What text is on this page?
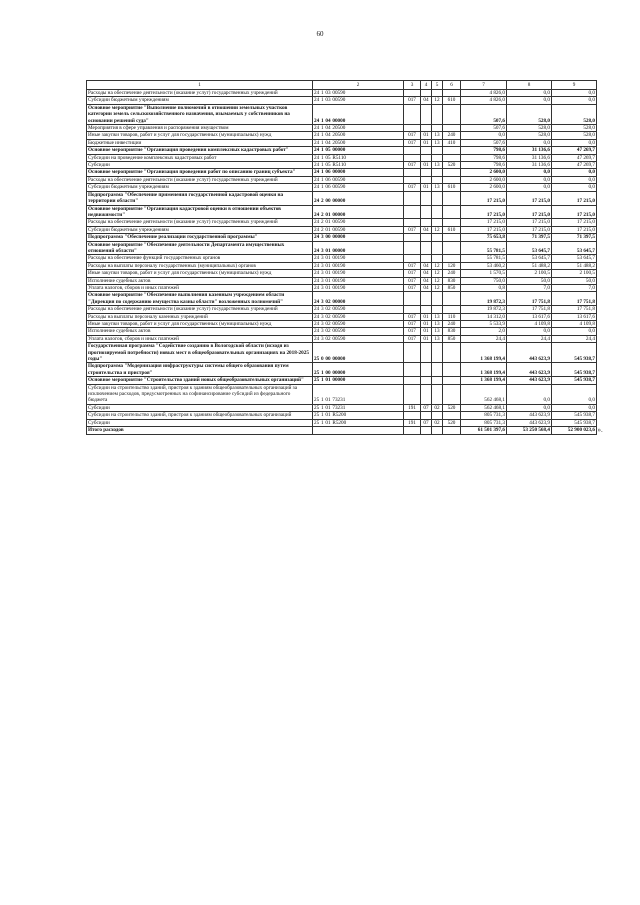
60
1	2	3	4	5	6	7	8	9
Расходы на обеспечение деятельности (оказание услуг) государственных учреждений	24 1 03 00590					4 826,0	0,0	0,0
Субсидии бюджетным учреждениям	24 1 03 00590	017	04	12	610	4 826,0	0,0	0,0
Основное мероприятие "Выполнение полномочий в отношении земельных участков категории земель сельскохозяйственного назначения, изымаемых у собственников на основании решений суда"	24 1 04 00000					507,6	528,0	528,0
Мероприятия в сфере управления и распоряжения имуществом	24 1 04 20500					507,6	528,0	528,0
Иные закупки товаров, работ и услуг для государственных (муниципальных) нужд	24 1 04 20500	017	01	13	240	0,0	528,0	528,0
Бюджетные инвестиции	24 1 04 20500	017	01	13	410	507,6	0,0	0,0
Основное мероприятие "Организация проведения комплексных кадастровых работ"	24 1 05 00000					798,6	31 136,6	47 269,7
Субсидии на проведение комплексных кадастровых работ	24 1 05 R5110					798,6	31 136,6	47 269,7
Субсидии	24 1 05 R5110	017	01	13	520	798,6	31 136,6	47 269,7
Основное мероприятие "Организация проведения работ по описанию границ субъекта"	24 1 06 00000					2 600,0	0,0	0,0
Расходы на обеспечение деятельности (оказание услуг) государственных учреждений	24 1 06 00590					2 600,0	0,0	0,0
Субсидии бюджетным учреждениям	24 1 06 00590	017	01	13	610	2 600,0	0,0	0,0
Подпрограмма "Обеспечение применения государственной кадастровой оценки на территории области"	24 2 00 00000					17 215,0	17 215,0	17 215,0
Основное мероприятие "Организация кадастровой оценки в отношении объектов недвижимости"	24 2 01 00000					17 215,0	17 215,0	17 215,0
Расходы на обеспечение деятельности (оказание услуг) государственных учреждений	24 2 01 00590					17 215,0	17 215,0	17 215,0
Субсидии бюджетным учреждениям	24 2 01 00590	017	04	12	610	17 215,0	17 215,0	17 215,0
Подпрограмма "Обеспечение реализации государственной программы"	24 3 00 00000					75 653,8	71 397,5	71 397,5
Основное мероприятие "Обеспечение деятельности Департамента имущественных отношений области"	24 3 01 00000					55 781,5	53 645,7	53 645,7
Расходы на обеспечение функций государственных органов	24 3 01 00190					55 781,5	53 645,7	53 645,7
Расходы на выплаты персоналу государственных (муниципальных) органов	24 3 01 00190	017	04	12	120	53 460,2	51 488,2	51 488,2
Иные закупки товаров, работ и услуг для государственных (муниципальных) нужд	24 3 01 00190	017	04	12	240	1 570,5	2 100,5	2 100,5
Исполнение судебных актов	24 3 01 00190	017	04	12	830	750,0	50,0	50,0
Уплата налогов, сборов и иных платежей	24 3 01 00190	017	04	12	850	0,8	7,0	7,0
Основное мероприятие "Обеспечение выполнения казенным учреждением области "Дирекция по содержанию имущества казны области" возложенных полномочий"	24 3 02 00000					19 872,3	17 751,8	17 751,8
Расходы на обеспечение деятельности (оказание услуг) государственных учреждений	24 3 02 00590					19 872,3	17 751,8	17 751,8
Расходы на выплаты персоналу казенных учреждений	24 3 02 00590	017	01	13	110	14 312,0	13 617,6	13 617,6
Иные закупки товаров, работ и услуг для государственных (муниципальных) нужд	24 3 02 00590	017	01	13	240	5 533,9	4 109,8	4 109,8
Исполнение судебных актов	24 3 02 00590	017	01	13	830	2,0	0,0	0,0
Уплата налогов, сборов и иных платежей	24 3 02 00590	017	01	13	850	24,4	24,4	24,4
Государственная программа "Содействие созданию в Вологодской области (исходя из прогнозируемой потребности) новых мест в общеобразовательных организациях на 2018-2025 годы"	25 0 00 00000					1 368 199,4	443 623,9	545 938,7
Подпрограмма "Модернизация инфраструктуры системы общего образования путем строительства и пристроя"	25 1 00 00000					1 368 199,4	443 623,9	545 938,7
Основное мероприятие "Строительство зданий новых общеобразовательных организаций"	25 1 01 00000					1 368 199,4	443 623,9	545 938,7
Субсидии на строительство зданий, пристроя к зданиям общеобразовательных организаций за исключением расходов, предусмотренных на софинансирование субсидий из федерального бюджета	25 1 01 73231					562 468,1	0,0	0,0
Субсидии	25 1 01 73231	191	07	02	520	562 468,1	0,0	0,0
Субсидии на строительство зданий, пристроя к зданиям общеобразовательных организаций	25 1 01 R5200					805 731,3	443 623,9	545 938,7
Субсидии	25 1 01 R5200	191	07	02	520	805 731,3	443 623,9	545 938,7
Итого расходов						61 501 397,6	53 250 568,4	52 900 023,6 ».
